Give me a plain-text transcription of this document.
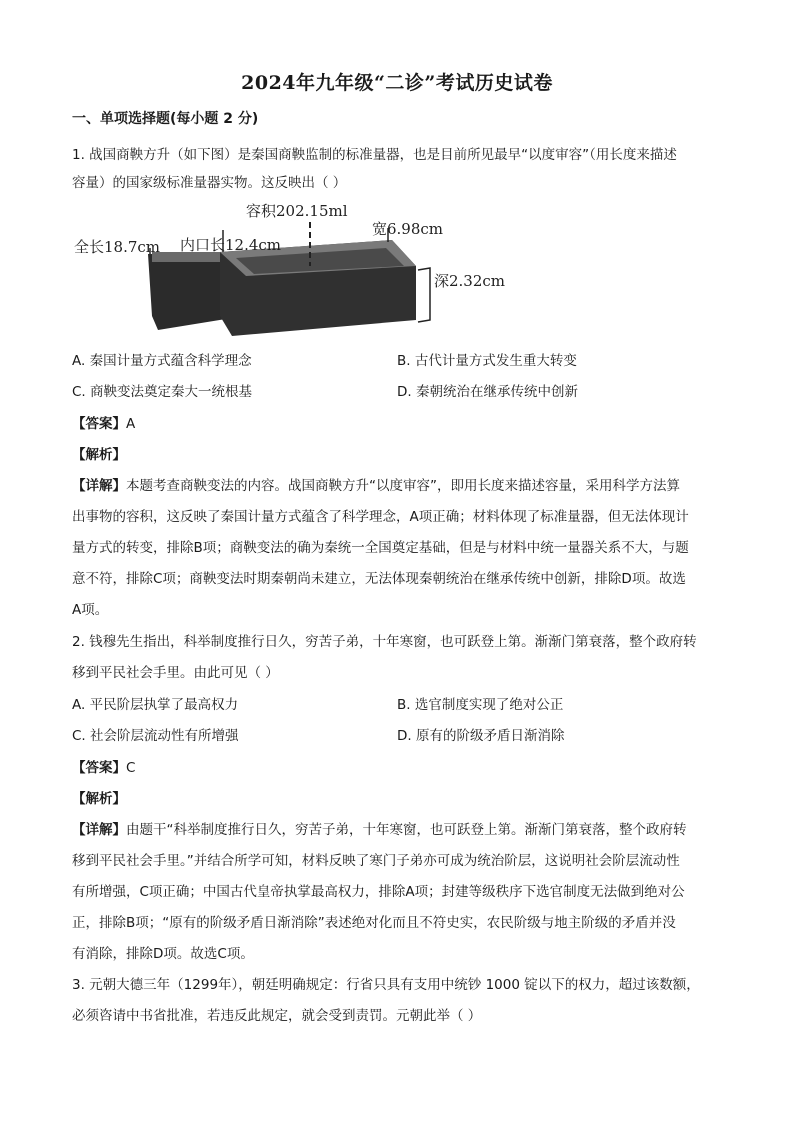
2024年九年级“二诊”考试历史试卷
一、单项选择题(每小题 2 分)
1. 战国商鞅方升（如下图）是秦国商鞅监制的标准量器，也是目前所见最早“以度审容”（用长度来描述
容量）的国家级标准量器实物。这反映出（ ）
容积202.15ml
全长18.7cm 内口长12.4cm
宽6.98cm
深2.32cm
A. 秦国计量方式蕴含科学理念	B. 古代计量方式发生重大转变
C. 商鞅变法奠定秦大一统根基	D. 秦朝统治在继承传统中创新
【答案】A
【解析】
【详解】本题考查商鞅变法的内容。战国商鞅方升“以度审容”，即用长度来描述容量，采用科学方法算
出事物的容积，这反映了秦国计量方式蕴含了科学理念，A项正确；材料体现了标准量器，但无法体现计
量方式的转变，排除B项；商鞅变法的确为秦统一全国奠定基础，但是与材料中统一量器关系不大，与题
意不符，排除C项；商鞅变法时期秦朝尚未建立，无法体现秦朝统治在继承传统中创新，排除D项。故选
A项。
2. 钱穆先生指出，科举制度推行日久，穷苦子弟，十年寒窗，也可跃登上第。渐渐门第衰落，整个政府转
移到平民社会手里。由此可见（ ）
A. 平民阶层执掌了最高权力	B. 选官制度实现了绝对公正
C. 社会阶层流动性有所增强	D. 原有的阶级矛盾日渐消除
【答案】C
【解析】
【详解】由题干“科举制度推行日久，穷苦子弟，十年寒窗，也可跃登上第。渐渐门第衰落，整个政府转
移到平民社会手里。”并结合所学可知，材料反映了寒门子弟亦可成为统治阶层，这说明社会阶层流动性
有所增强，C项正确；中国古代皇帝执掌最高权力，排除A项；封建等级秩序下选官制度无法做到绝对公
正，排除B项；“原有的阶级矛盾日渐消除”表述绝对化而且不符史实，农民阶级与地主阶级的矛盾并没
有消除，排除D项。故选C项。
3. 元朝大德三年（1299年），朝廷明确规定：行省只具有支用中统钞 1000 锭以下的权力，超过该数额，
必须咨请中书省批准，若违反此规定，就会受到责罚。元朝此举（ ）
